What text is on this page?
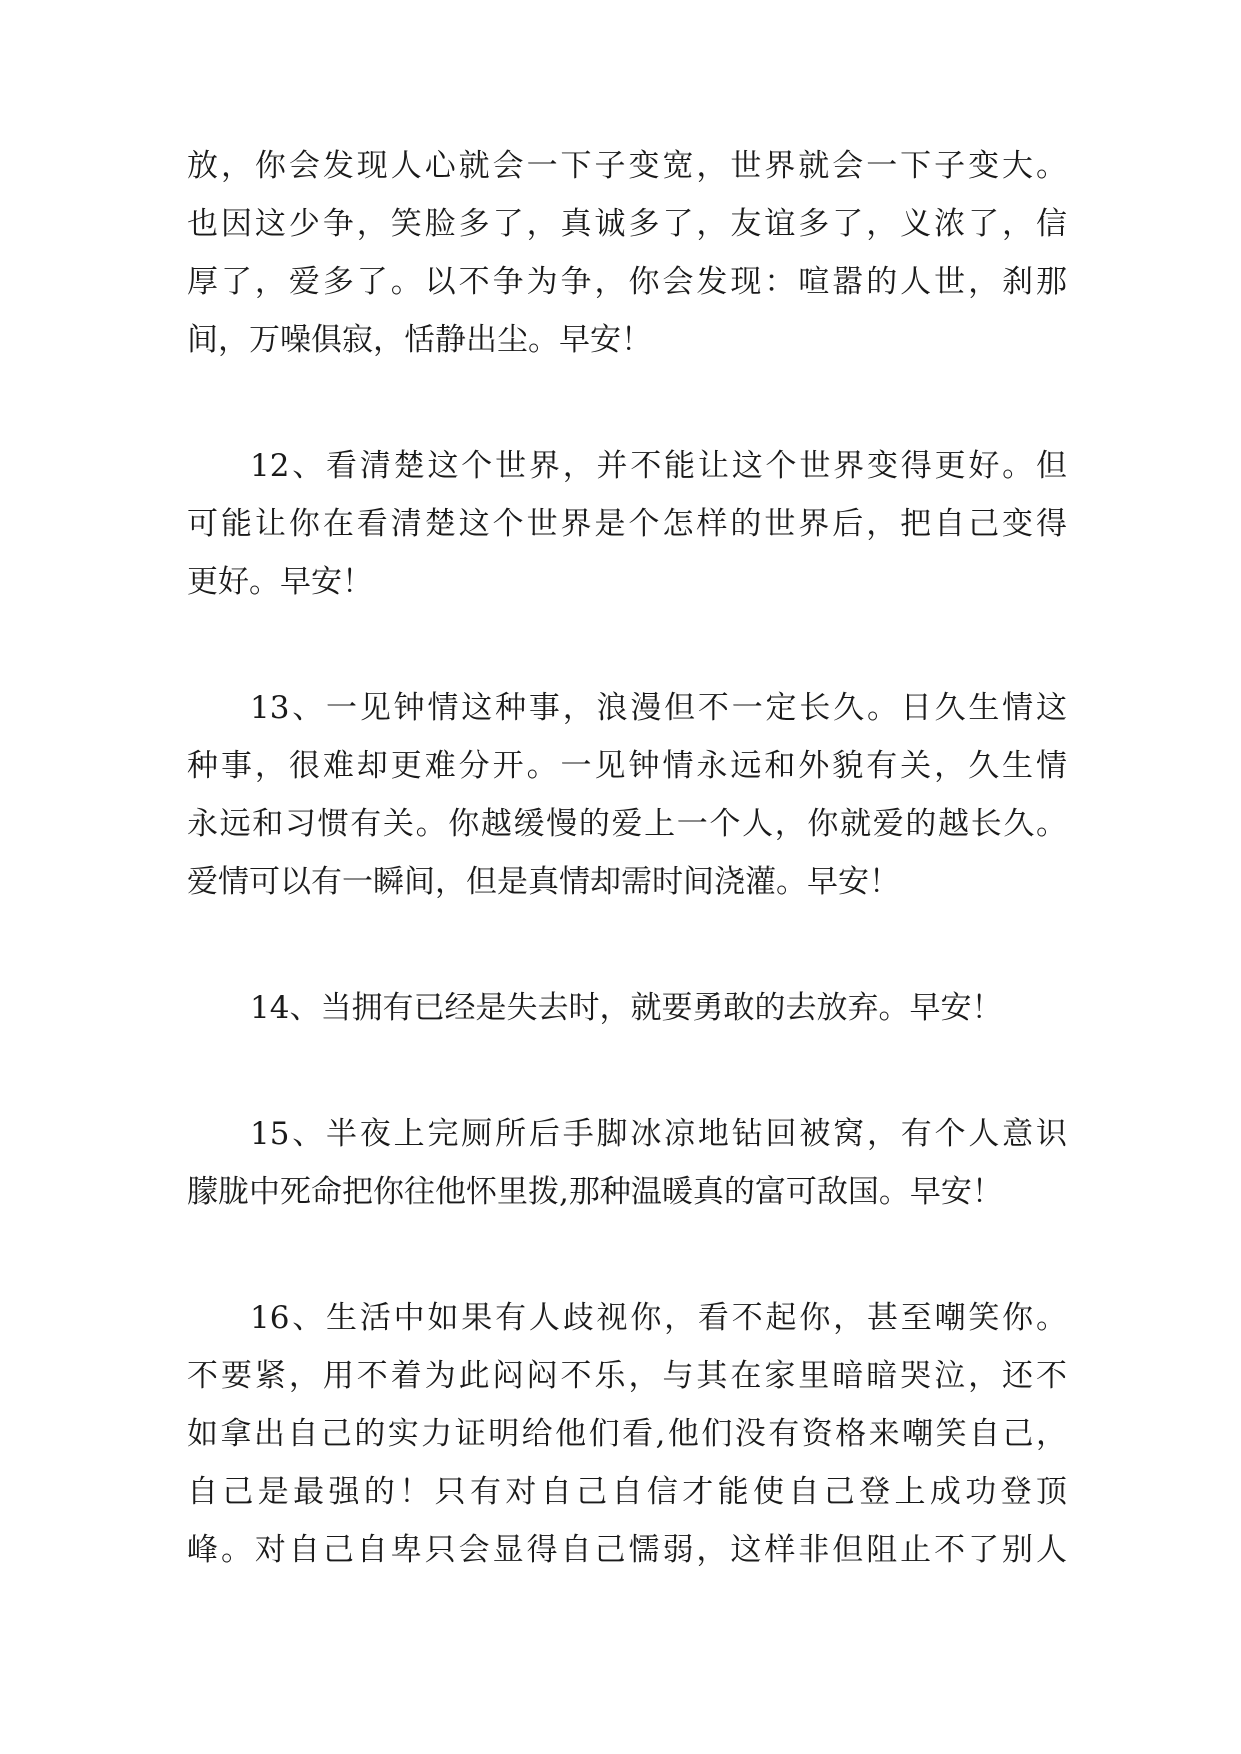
放，你会发现人心就会一下子变宽，世界就会一下子变大。
也因这少争，笑脸多了，真诚多了，友谊多了，义浓了，信
厚了，爱多了。以不争为争，你会发现：喧嚣的人世，刹那
间，万噪俱寂，恬静出尘。早安！
12、看清楚这个世界，并不能让这个世界变得更好。但
可能让你在看清楚这个世界是个怎样的世界后，把自己变得
更好。早安！
13、一见钟情这种事，浪漫但不一定长久。日久生情这
种事，很难却更难分开。一见钟情永远和外貌有关，久生情
永远和习惯有关。你越缓慢的爱上一个人，你就爱的越长久。
爱情可以有一瞬间，但是真情却需时间浇灌。早安！
14、当拥有已经是失去时，就要勇敢的去放弃。早安！
15、半夜上完厕所后手脚冰凉地钻回被窝，有个人意识
朦胧中死命把你往他怀里拨,那种温暖真的富可敌国。早安！
16、生活中如果有人歧视你，看不起你，甚至嘲笑你。
不要紧，用不着为此闷闷不乐，与其在家里暗暗哭泣，还不
如拿出自己的实力证明给他们看,他们没有资格来嘲笑自己，
自己是最强的！只有对自己自信才能使自己登上成功登顶
峰。对自己自卑只会显得自己懦弱，这样非但阻止不了别人
